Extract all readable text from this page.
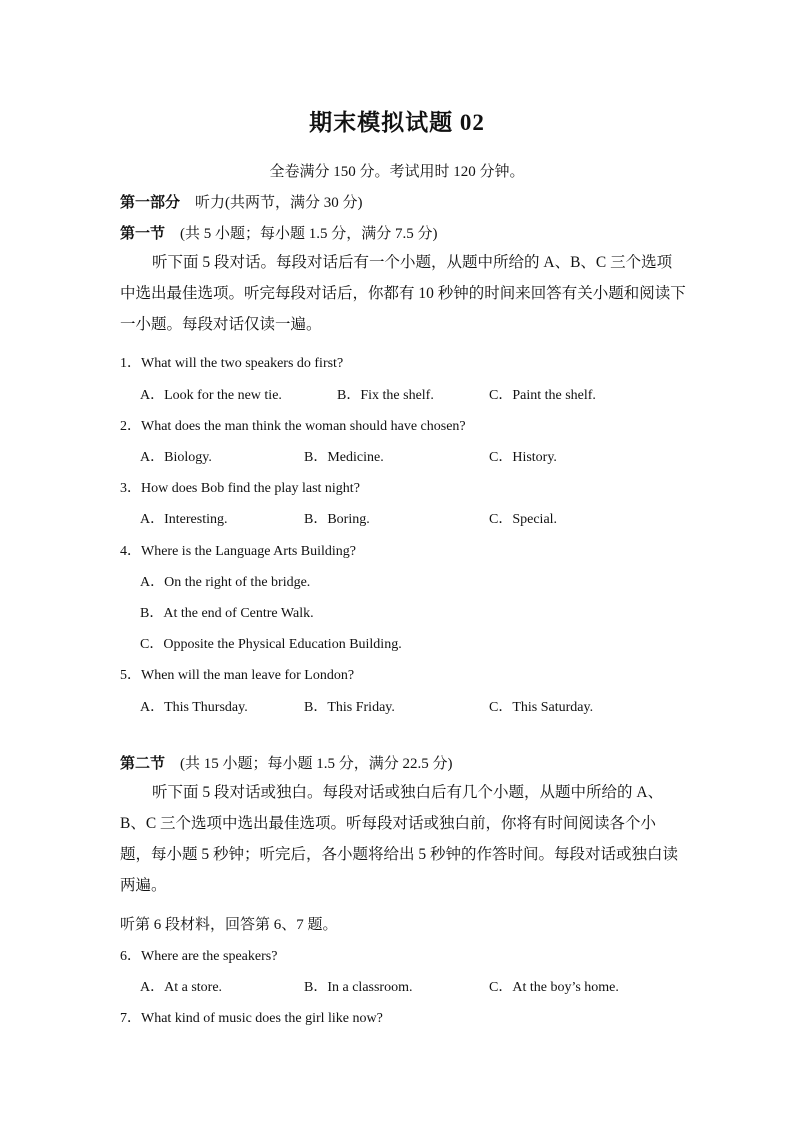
期末模拟试题 02
全卷满分 150 分。考试用时 120 分钟。
第一部分　听力(共两节，满分 30 分)
第一节　(共 5 小题；每小题 1.5 分，满分 7.5 分)
听下面 5 段对话。每段对话后有一个小题，从题中所给的 A、B、C 三个选项中选出最佳选项。听完每段对话后，你都有 10 秒钟的时间来回答有关小题和阅读下一小题。每段对话仅读一遍。
1．What will the two speakers do first?
A．Look for the new tie.	B．Fix the shelf.	C．Paint the shelf.
2．What does the man think the woman should have chosen?
A．Biology.	B．Medicine.	C．History.
3．How does Bob find the play last night?
A．Interesting.	B．Boring.	C．Special.
4．Where is the Language Arts Building?
A．On the right of the bridge.
B．At the end of Centre Walk.
C．Opposite the Physical Education Building.
5．When will the man leave for London?
A．This Thursday.	B．This Friday.	C．This Saturday.
第二节　(共 15 小题；每小题 1.5 分，满分 22.5 分)
听下面 5 段对话或独白。每段对话或独白后有几个小题，从题中所给的 A、B、C 三个选项中选出最佳选项。听每段对话或独白前，你将有时间阅读各个小题，每小题 5 秒钟；听完后，各小题将给出 5 秒钟的作答时间。每段对话或独白读两遍。
听第 6 段材料，回答第 6、7 题。
6．Where are the speakers?
A．At a store.	B．In a classroom.	C．At the boy’s home.
7．What kind of music does the girl like now?
